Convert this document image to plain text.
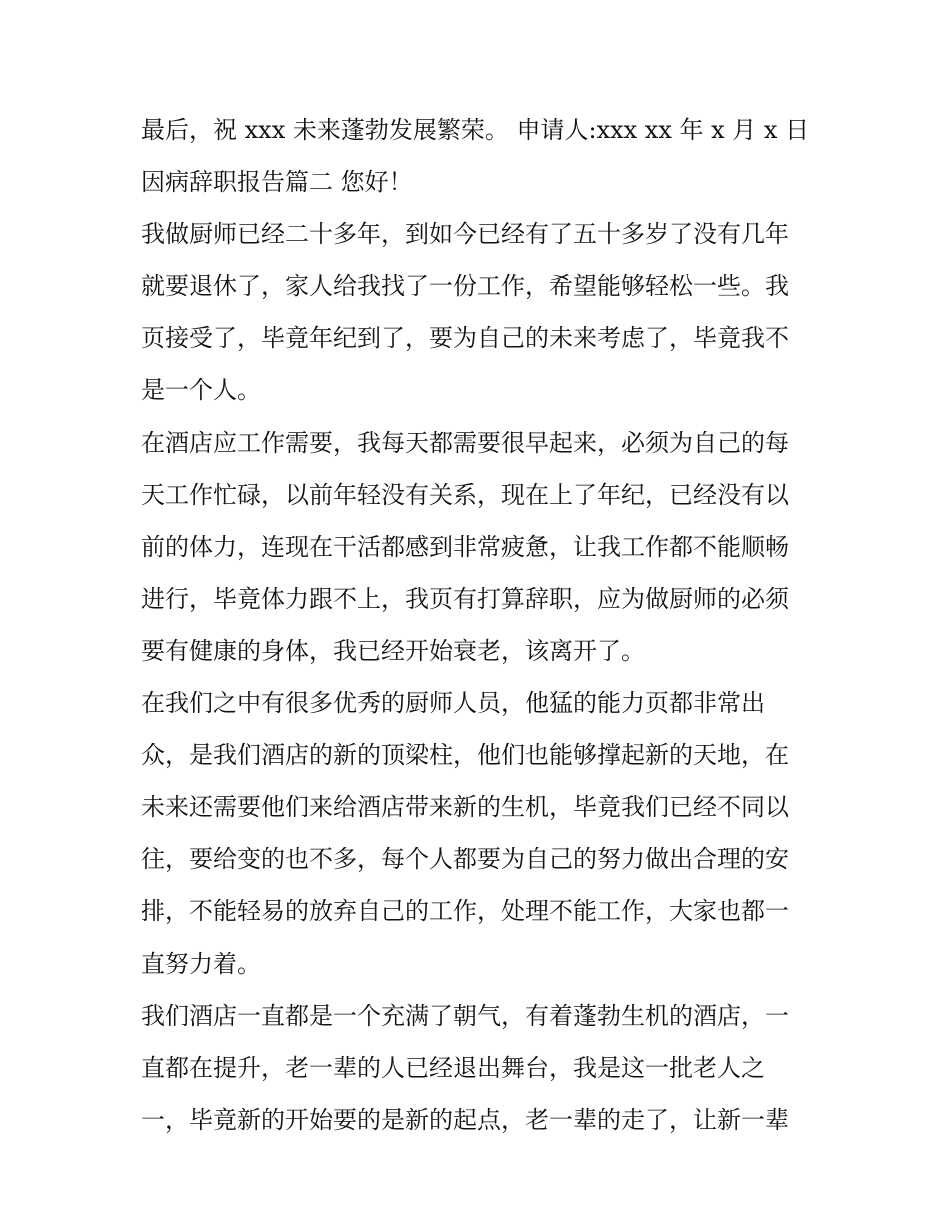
最后，祝 xxx 未来蓬勃发展繁荣。 申请人:xxx xx 年 x 月 x 日
因病辞职报告篇二 您好！
我做厨师已经二十多年，到如今已经有了五十多岁了没有几年
就要退休了，家人给我找了一份工作，希望能够轻松一些。我
页接受了，毕竟年纪到了，要为自己的未来考虑了，毕竟我不
是一个人。
在酒店应工作需要，我每天都需要很早起来，必须为自己的每
天工作忙碌，以前年轻没有关系，现在上了年纪，已经没有以
前的体力，连现在干活都感到非常疲惫，让我工作都不能顺畅
进行，毕竟体力跟不上，我页有打算辞职，应为做厨师的必须
要有健康的身体，我已经开始衰老，该离开了。
在我们之中有很多优秀的厨师人员，他猛的能力页都非常出
众，是我们酒店的新的顶梁柱，他们也能够撑起新的天地，在
未来还需要他们来给酒店带来新的生机，毕竟我们已经不同以
往，要给变的也不多，每个人都要为自己的努力做出合理的安
排，不能轻易的放弃自己的工作，处理不能工作，大家也都一
直努力着。
我们酒店一直都是一个充满了朝气，有着蓬勃生机的酒店，一
直都在提升，老一辈的人已经退出舞台，我是这一批老人之
一，毕竟新的开始要的是新的起点，老一辈的走了，让新一辈
